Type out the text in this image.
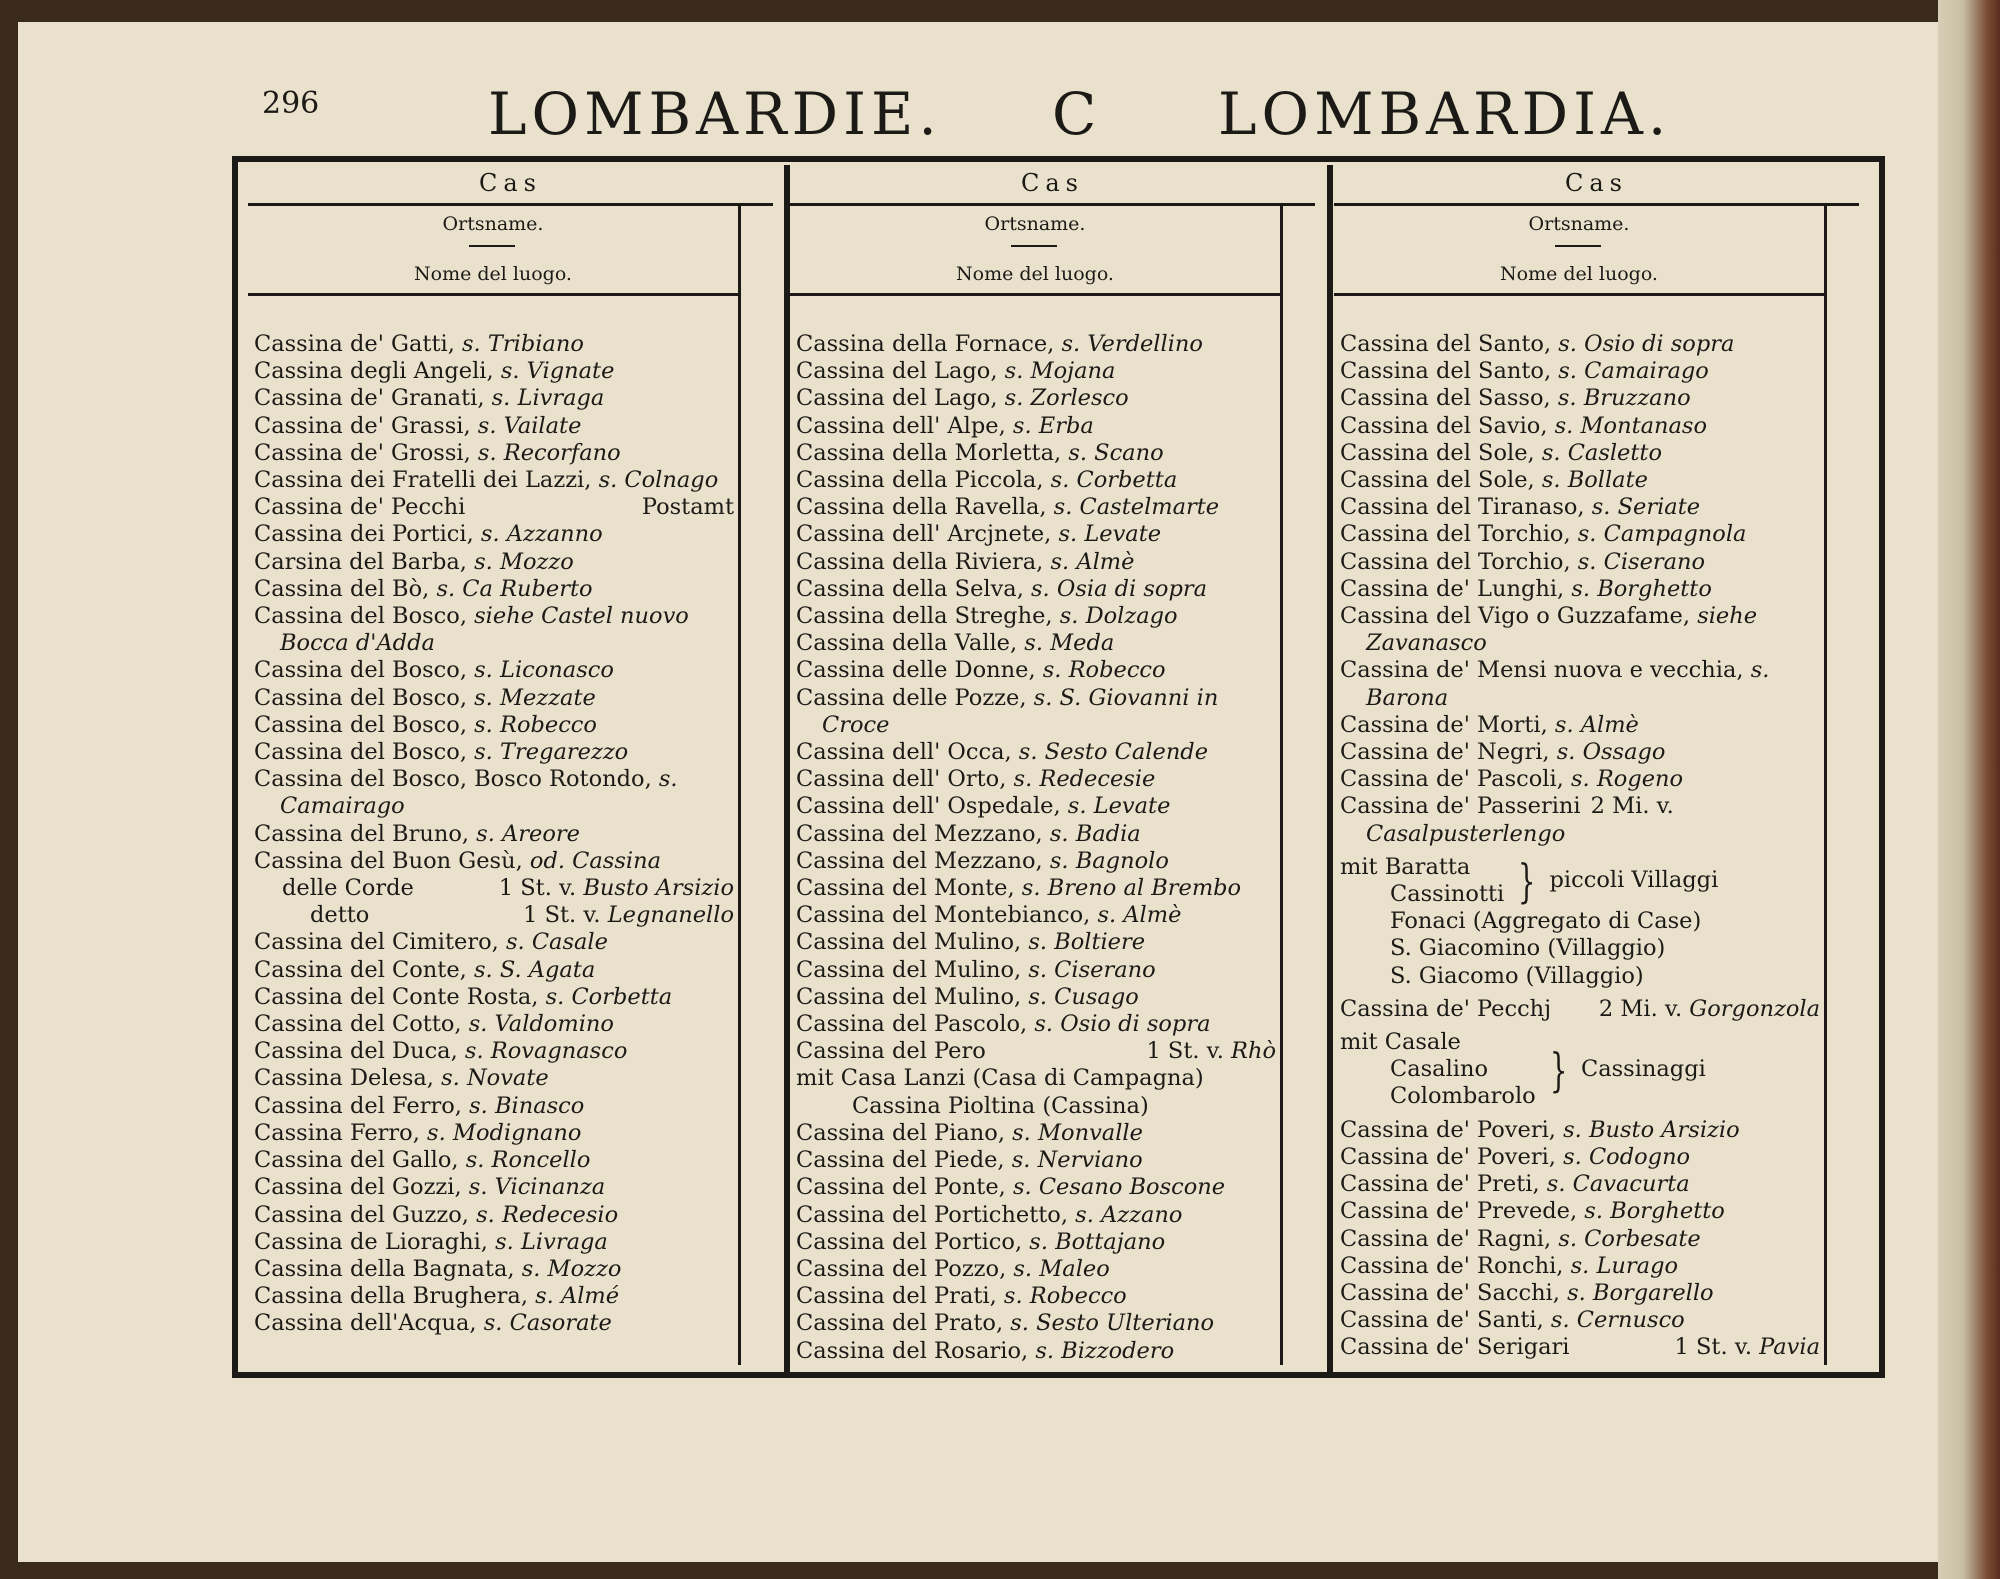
296	LOMBARDIE. C LOMBARDIA.
Cas
Ortsname.
Nome del luogo.
Cassina de' Gatti, s. Tribiano
Cassina degli Angeli, s. Vignate
Cassina de' Granati, s. Livraga
Cassina de' Grassi, s. Vailate
Cassina de' Grossi, s. Recorfano
Cassina dei Fratelli dei Lazzi, s. Colnago
Cassina de' Pecchi	Postamt
Cassina dei Portici, s. Azzanno
Carsina del Barba, s. Mozzo
Cassina del Bò, s. Ca Ruberto
Cassina del Bosco, siehe Castel nuovo Bocca d'Adda
Cassina del Bosco, s. Liconasco
Cassina del Bosco, s. Mezzate
Cassina del Bosco, s. Robecco
Cassina del Bosco, s. Tregarezzo
Cassina del Bosco, Bosco Rotondo, s. Camairago
Cassina del Bruno, s. Areore
Cassina del Buon Gesù, od. Cassina
delle Corde	1 St. v. Busto Arsizio
detto	1 St. v. Legnanello
Cassina del Cimitero, s. Casale
Cassina del Conte, s. S. Agata
Cassina del Conte Rosta, s. Corbetta
Cassina del Cotto, s. Valdomino
Cassina del Duca, s. Rovagnasco
Cassina Delesa, s. Novate
Cassina del Ferro, s. Binasco
Cassina Ferro, s. Modignano
Cassina del Gallo, s. Roncello
Cassina del Gozzi, s. Vicinanza
Cassina del Guzzo, s. Redecesio
Cassina de Lioraghi, s. Livraga
Cassina della Bagnata, s. Mozzo
Cassina della Brughera, s. Almé
Cassina dell'Acqua, s. Casorate
Cas
Ortsname.
Nome del luogo.
Cassina della Fornace, s. Verdellino
Cassina del Lago, s. Mojana
Cassina del Lago, s. Zorlesco
Cassina dell' Alpe, s. Erba
Cassina della Morletta, s. Scano
Cassina della Piccola, s. Corbetta
Cassina della Ravella, s. Castelmarte
Cassina dell' Arcjnete, s. Levate
Cassina della Riviera, s. Almè
Cassina della Selva, s. Osia di sopra
Cassina della Streghe, s. Dolzago
Cassina della Valle, s. Meda
Cassina delle Donne, s. Robecco
Cassina delle Pozze, s. S. Giovanni in Croce
Cassina dell' Occa, s. Sesto Calende
Cassina dell' Orto, s. Redecesie
Cassina dell' Ospedale, s. Levate
Cassina del Mezzano, s. Badia
Cassina del Mezzano, s. Bagnolo
Cassina del Monte, s. Breno al Brembo
Cassina del Montebianco, s. Almè
Cassina del Mulino, s. Boltiere
Cassina del Mulino, s. Ciserano
Cassina del Mulino, s. Cusago
Cassina del Pascolo, s. Osio di sopra
Cassina del Pero	1 St. v. Rhò
mit Casa Lanzi (Casa di Campagna)
Cassina Pioltina (Cassina)
Cassina del Piano, s. Monvalle
Cassina del Piede, s. Nerviano
Cassina del Ponte, s. Cesano Boscone
Cassina del Portichetto, s. Azzano
Cassina del Portico, s. Bottajano
Cassina del Pozzo, s. Maleo
Cassina del Prati, s. Robecco
Cassina del Prato, s. Sesto Ulteriano
Cassina del Rosario, s. Bizzodero
Cas
Ortsname.
Nome del luogo.
Cassina del Santo, s. Osio di sopra
Cassina del Santo, s. Camairago
Cassina del Sasso, s. Bruzzano
Cassina del Savio, s. Montanaso
Cassina del Sole, s. Casletto
Cassina del Sole, s. Bollate
Cassina del Tiranaso, s. Seriate
Cassina del Torchio, s. Campagnola
Cassina del Torchio, s. Ciserano
Cassina de' Lunghi, s. Borghetto
Cassina del Vigo o Guzzafame, siehe Zavanasco
Cassina de' Mensi nuova e vecchia, s. Barona
Cassina de' Morti, s. Almè
Cassina de' Negri, s. Ossago
Cassina de' Pascoli, s. Rogeno
Cassina de' Passerini 2 Mi. v. Casalpusterlengo
mit Baratta
Cassinotti } piccoli Villaggi
Fonaci (Aggregato di Case)
S. Giacomino (Villaggio)
S. Giacomo (Villaggio)
Cassina de' Pecchj 2 Mi. v. Gorgonzola
mit Casale
Casalino
Colombarolo } Cassinaggi
Cassina de' Poveri, s. Busto Arsizio
Cassina de' Poveri, s. Codogno
Cassina de' Preti, s. Cavacurta
Cassina de' Prevede, s. Borghetto
Cassina de' Ragni, s. Corbesate
Cassina de' Ronchi, s. Lurago
Cassina de' Sacchi, s. Borgarello
Cassina de' Santi, s. Cernusco
Cassina de' Serigari	1 St. v. Pavia
